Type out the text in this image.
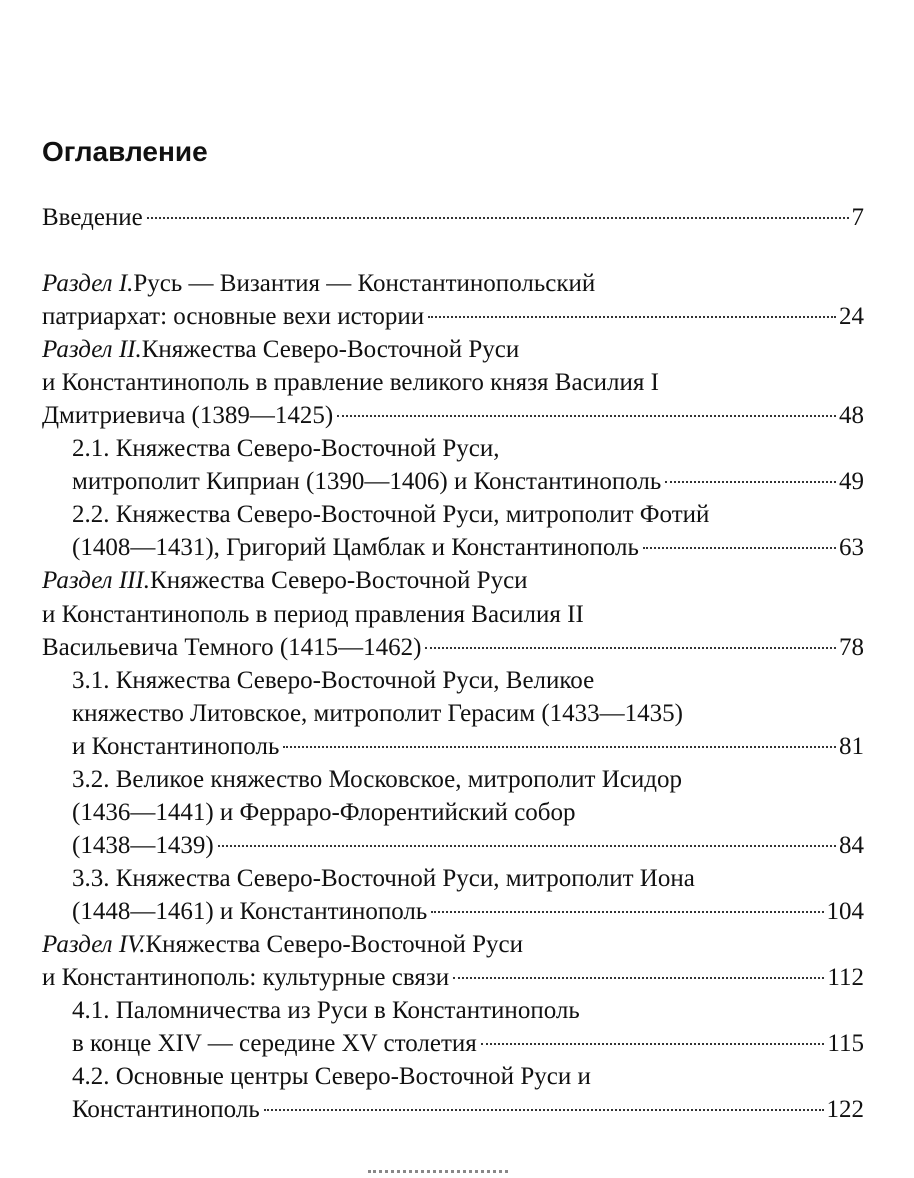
Оглавление
Введение	7
Раздел I. Русь — Византия — Константинопольский
патриархат: основные вехи истории	24
Раздел II. Княжества Северо-Восточной Руси
и Константинополь в правление великого князя Василия I
Дмитриевича (1389—1425)	48
2.1. Княжества Северо-Восточной Руси,
митрополит Киприан (1390—1406) и Константинополь	49
2.2. Княжества Северо-Восточной Руси, митрополит Фотий
(1408—1431), Григорий Цамблак и Константинополь	63
Раздел III. Княжества Северо-Восточной Руси
и Константинополь в период правления Василия II
Васильевича Темного (1415—1462)	78
3.1. Княжества Северо-Восточной Руси, Великое
княжество Литовское, митрополит Герасим (1433—1435)
и Константинополь	81
3.2. Великое княжество Московское, митрополит Исидор
(1436—1441) и Ферраро-Флорентийский собор
(1438—1439)	84
3.3. Княжества Северо-Восточной Руси, митрополит Иона
(1448—1461) и Константинополь	104
Раздел IV. Княжества Северо-Восточной Руси
и Константинополь: культурные связи	112
4.1. Паломничества из Руси в Константинополь
в конце XIV — середине XV столетия	115
4.2. Основные центры Северо-Восточной Руси и
Константинополь	122
